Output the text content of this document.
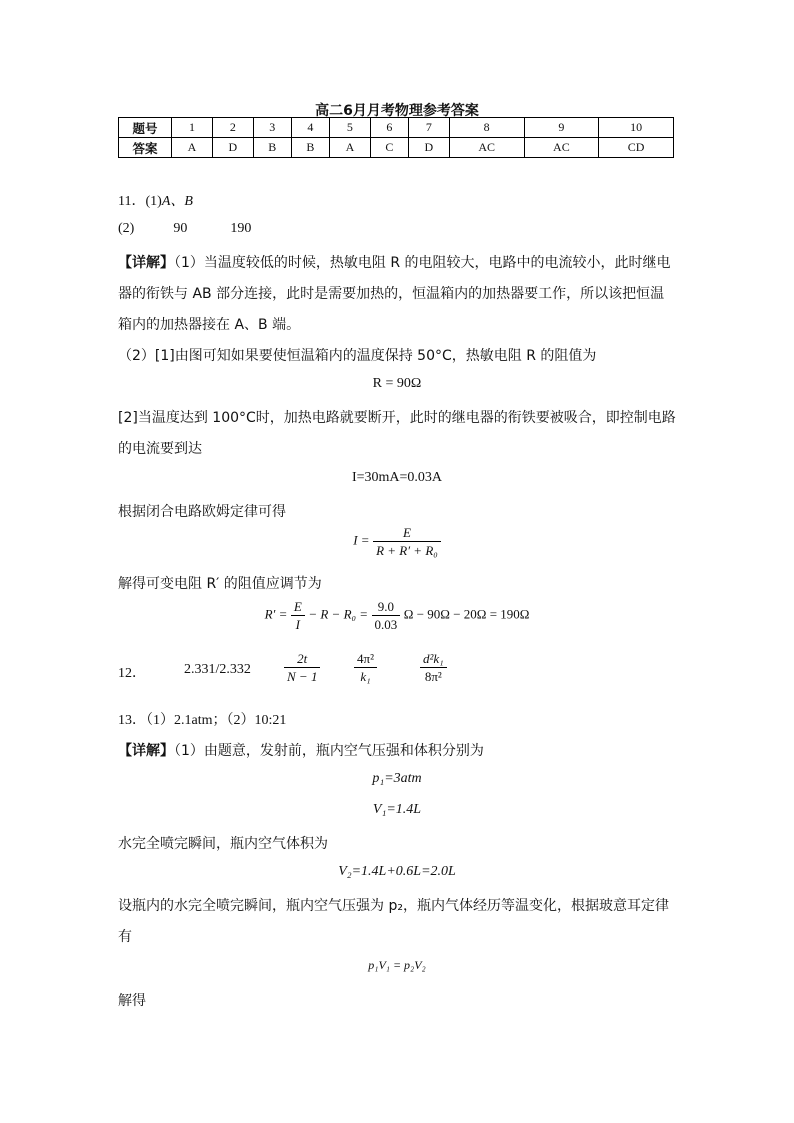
高二6月月考物理参考答案
题号	1	2	3	4	5	6	7	8	9	10
答案	A	D	B	B	A	C	D	AC	AC	CD
11．(1)A、B
(2)	90	190
【详解】（1）当温度较低的时候，热敏电阻 R 的电阻较大，电路中的电流较小，此时继电
器的衔铁与 AB 部分连接，此时是需要加热的，恒温箱内的加热器要工作，所以该把恒温
箱内的加热器接在 A、B 端。
（2）[1]由图可知如果要使恒温箱内的温度保持 50°C，热敏电阻 R 的阻值为
R = 90Ω
[2]当温度达到 100°C时，加热电路就要断开，此时的继电器的衔铁要被吸合，即控制电路
的电流要到达
I=30mA=0.03A
根据闭合电路欧姆定律可得
$I = \frac{E}{\text{R + R′ + R₀}}$
解得可变电阻 R′ 的阻值应调节为
$R' = \frac{E}{I} - R - R_0 = \frac{9.0}{0.03}$ Ω − 90Ω − 20Ω = 190Ω
12．	2.331/2.332	$\frac{2t}{N - 1}$	$\frac{\text{4π²}}{\text{k₁}}$	$\frac{\text{d²k₁}}{\text{8π²}}$
13．（1）2.1atm；（2）10:21
【详解】（1）由题意，发射前，瓶内空气压强和体积分别为
p₁=3atm
V₁=1.4L
水完全喷完瞬间，瓶内空气体积为
V₂=1.4L+0.6L=2.0L
设瓶内的水完全喷完瞬间，瓶内空气压强为 p₂，瓶内气体经历等温变化，根据玻意耳定律
有
p₁V₁ = p₂V₂
解得
